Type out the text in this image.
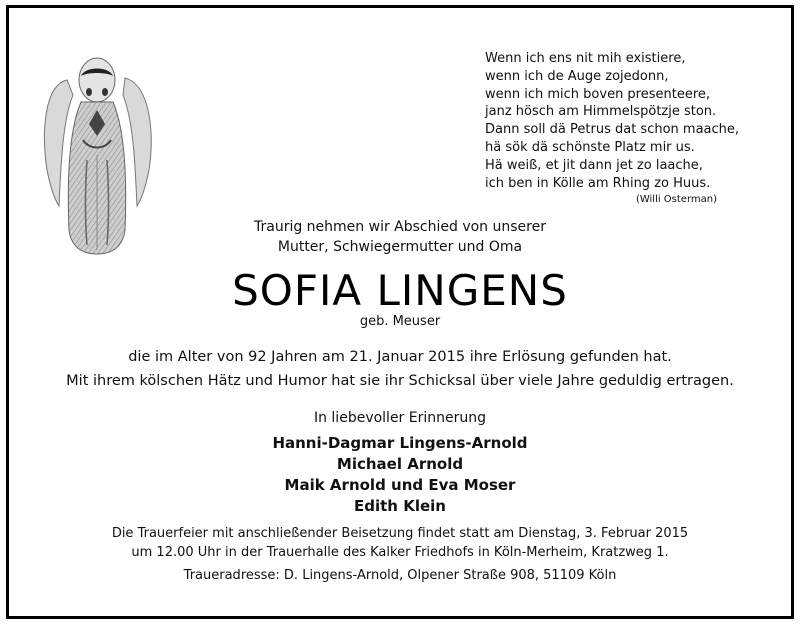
Wenn ich ens nit mih existiere,
wenn ich de Auge zojedonn,
wenn ich mich boven presenteere,
janz hösch am Himmelspötzje ston.
Dann soll dä Petrus dat schon maache,
hä sök dä schönste Platz mir us.
Hä weiß, et jit dann jet zo laache,
ich ben in Kölle am Rhing zo Huus.
(Willi Osterman)
Traurig nehmen wir Abschied von unserer
Mutter, Schwiegermutter und Oma
SOFIA LINGENS
geb. Meuser
die im Alter von 92 Jahren am 21. Januar 2015 ihre Erlösung gefunden hat.
Mit ihrem kölschen Hätz und Humor hat sie ihr Schicksal über viele Jahre geduldig ertragen.
In liebevoller Erinnerung
Hanni-Dagmar Lingens-Arnold
Michael Arnold
Maik Arnold und Eva Moser
Edith Klein
Die Trauerfeier mit anschließender Beisetzung findet statt am Dienstag, 3. Februar 2015
um 12.00 Uhr in der Trauerhalle des Kalker Friedhofs in Köln-Merheim, Kratzweg 1.
Traueradresse: D. Lingens-Arnold, Olpener Straße 908, 51109 Köln
